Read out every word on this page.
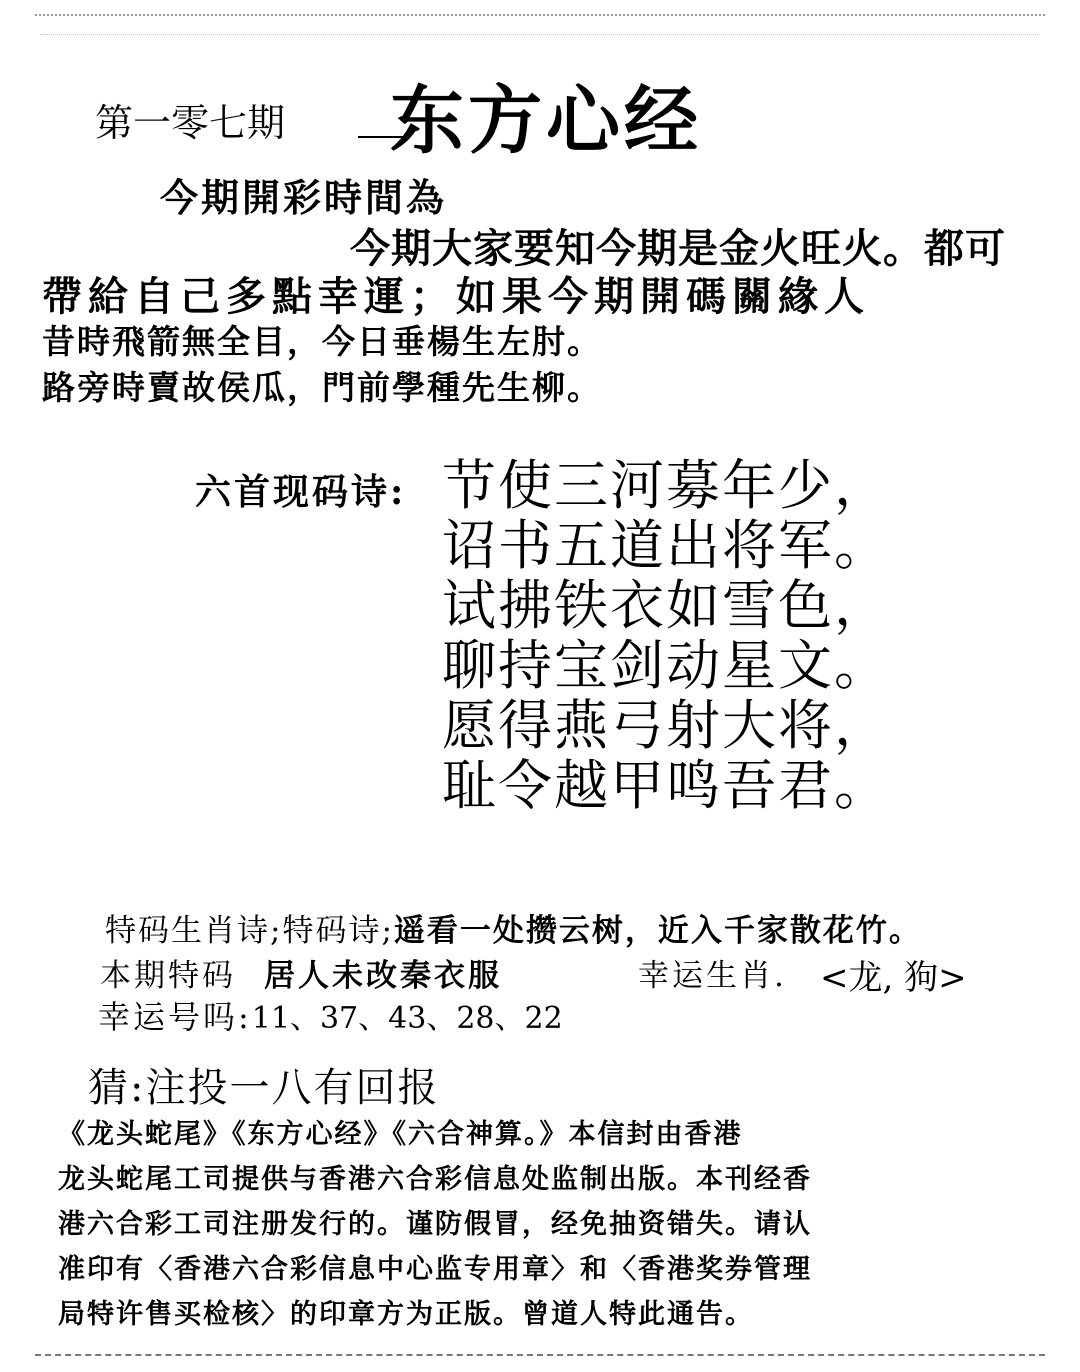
第一零七期 东方心经
今期開彩時間為
今期大家要知今期是金火旺火。都可
帶給自己多點幸運；如果今期開碼關緣人
昔時飛箭無全目，今日垂楊生左肘。
路旁時賣故侯瓜，門前學種先生柳。
六首现码诗: 节使三河募年少，
诏书五道出将军。
试拂铁衣如雪色，
聊持宝剑动星文。
愿得燕弓射大将，
耻令越甲鸣吾君。
特码生肖诗;特码诗;遥看一处攒云树，近入千家散花竹。
本期特码 居人未改秦衣服	幸运生肖. <龙, 狗>
幸运号吗:11、37、43、28、22
猜:注投一八有回报

《龙头蛇尾》《东方心经》《六合神算。》本信封由香港

龙头蛇尾工司提供与香港六合彩信息处监制出版。本刊经香

港六合彩工司注册发行的。谨防假冒，经免抽资错失。请认

准印有〈香港六合彩信息中心监专用章〉和〈香港奖券管理

局特许售买检核〉的印章方为正版。曾道人特此通告。
